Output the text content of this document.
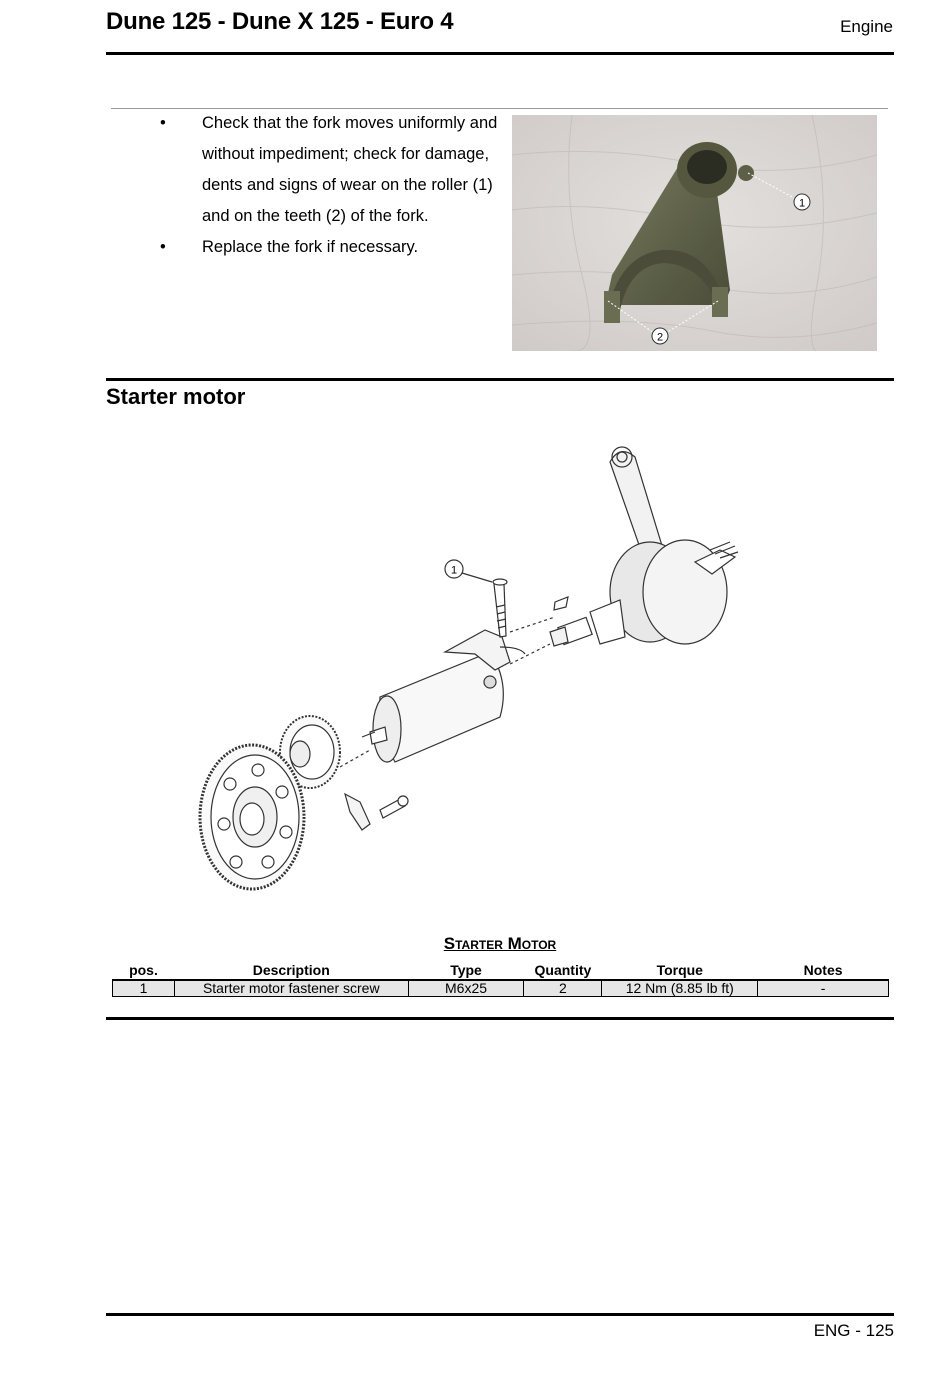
Dune 125 - Dune X 125 - Euro 4	Engine
• Check that the fork moves uniformly and without impediment; check for damage, dents and signs of wear on the roller (1) and on the teeth (2) of the fork.
• Replace the fork if necessary.
1
2
Starter motor
1
Starter Motor
pos.	Description	Type	Quantity	Torque	Notes
1	Starter motor fastener screw	M6x25	2	12 Nm (8.85 lb ft)	-
ENG - 125
